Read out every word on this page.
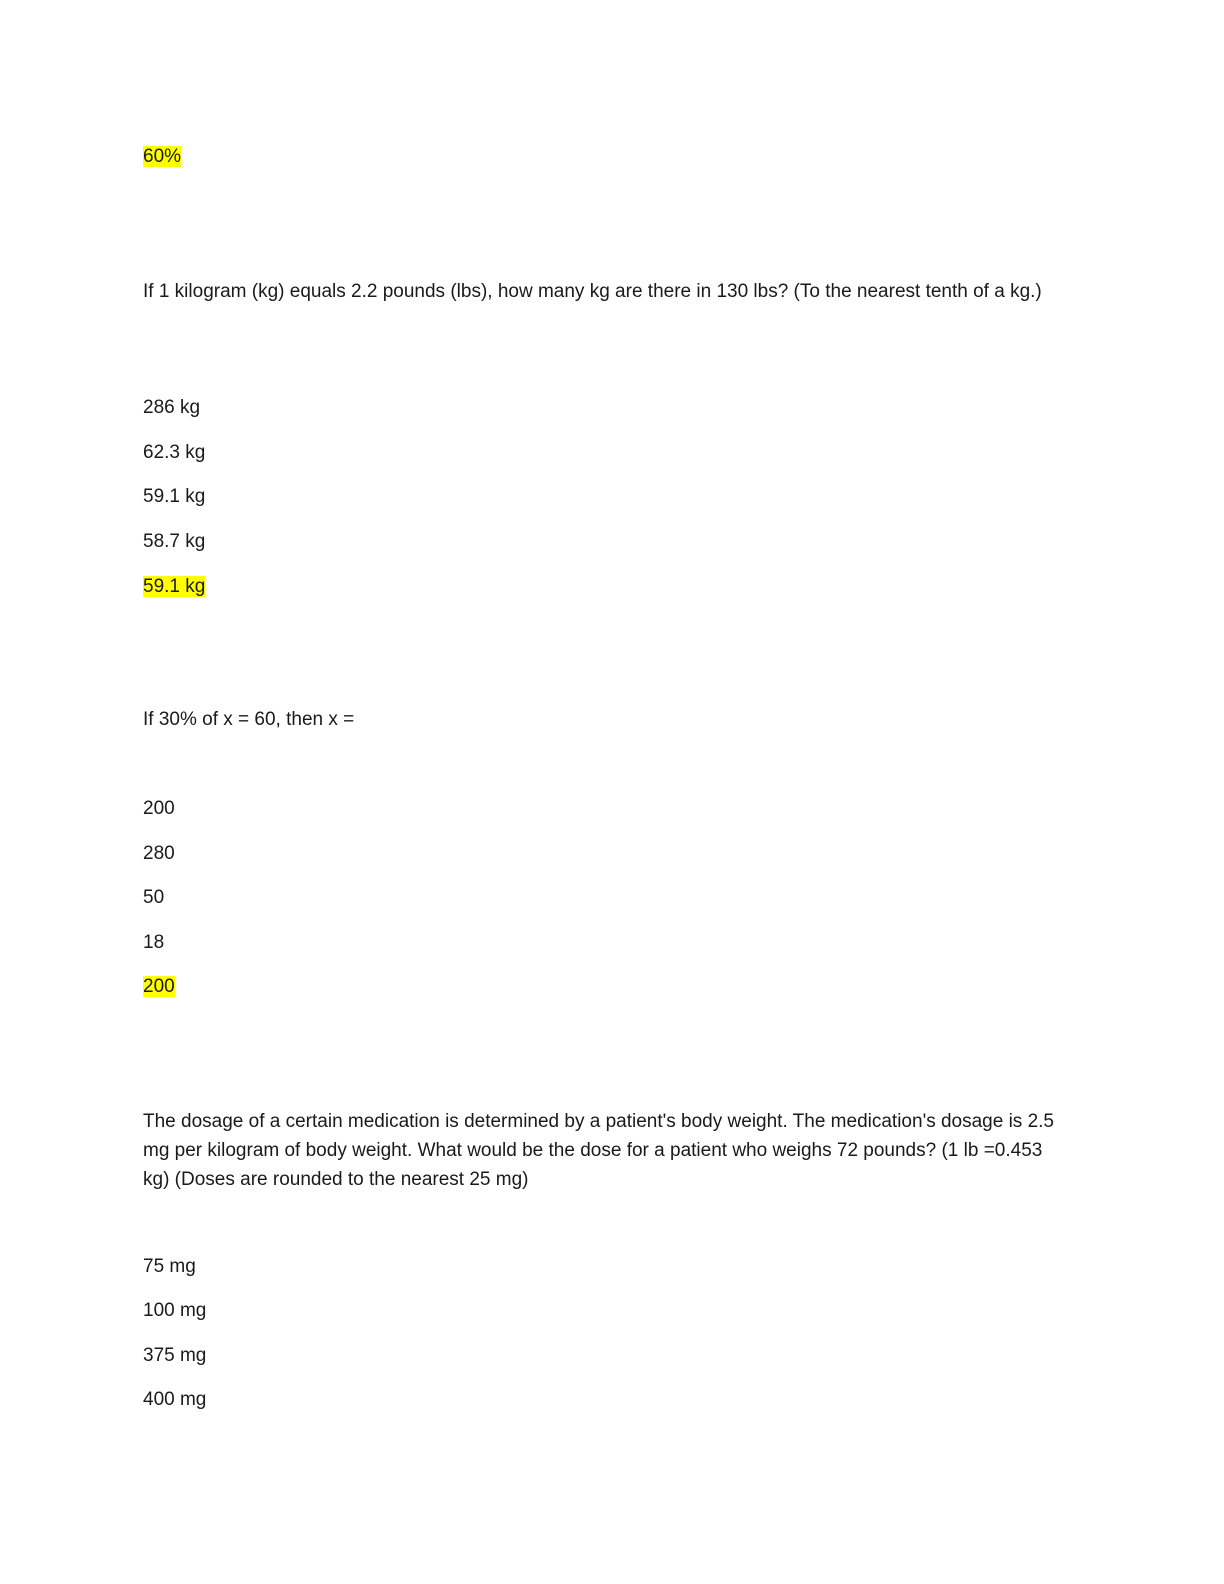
60%
If 1 kilogram (kg) equals 2.2 pounds (lbs), how many kg are there in 130 lbs? (To the nearest tenth of a kg.)
286 kg
62.3 kg
59.1 kg
58.7 kg
59.1 kg
If 30% of x = 60, then x =
200
280
50
18
200
The dosage of a certain medication is determined by a patient's body weight. The medication's dosage is 2.5 mg per kilogram of body weight. What would be the dose for a patient who weighs 72 pounds? (1 lb =0.453 kg) (Doses are rounded to the nearest 25 mg)
75 mg
100 mg
375 mg
400 mg
